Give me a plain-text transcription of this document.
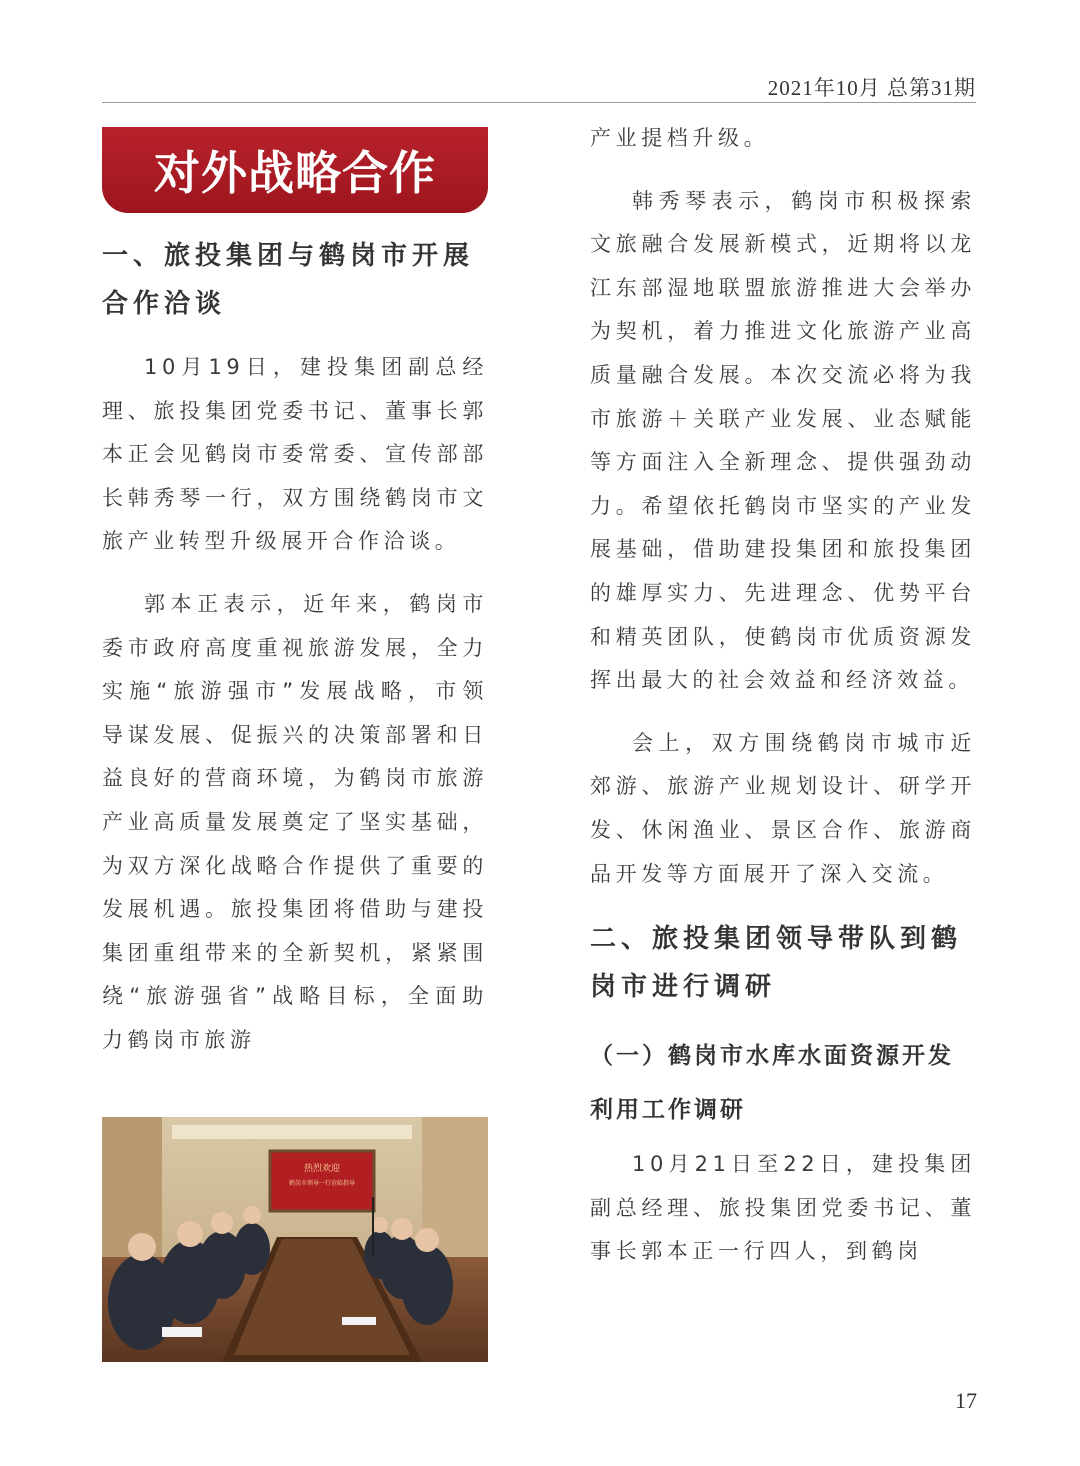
2021年10月 总第31期
对外战略合作
一、旅投集团与鹤岗市开展合作洽谈
10月19日，建投集团副总经理、旅投集团党委书记、董事长郭本正会见鹤岗市委常委、宣传部部长韩秀琴一行，双方围绕鹤岗市文旅产业转型升级展开合作洽谈。
郭本正表示，近年来，鹤岗市委市政府高度重视旅游发展，全力实施“旅游强市”发展战略，市领导谋发展、促振兴的决策部署和日益良好的营商环境，为鹤岗市旅游产业高质量发展奠定了坚实基础，为双方深化战略合作提供了重要的发展机遇。旅投集团将借助与建投集团重组带来的全新契机，紧紧围绕“旅游强省”战略目标，全面助力鹤岗市旅游
热烈欢迎
鹤岗市领导一行莅临指导
产业提档升级。
韩秀琴表示，鹤岗市积极探索文旅融合发展新模式，近期将以龙江东部湿地联盟旅游推进大会举办为契机，着力推进文化旅游产业高质量融合发展。本次交流必将为我市旅游＋关联产业发展、业态赋能等方面注入全新理念、提供强劲动力。希望依托鹤岗市坚实的产业发展基础，借助建投集团和旅投集团的雄厚实力、先进理念、优势平台和精英团队，使鹤岗市优质资源发挥出最大的社会效益和经济效益。
会上，双方围绕鹤岗市城市近郊游、旅游产业规划设计、研学开发、休闲渔业、景区合作、旅游商品开发等方面展开了深入交流。
二、旅投集团领导带队到鹤岗市进行调研
（一）鹤岗市水库水面资源开发利用工作调研
10月21日至22日，建投集团副总经理、旅投集团党委书记、董事长郭本正一行四人，到鹤岗
17
